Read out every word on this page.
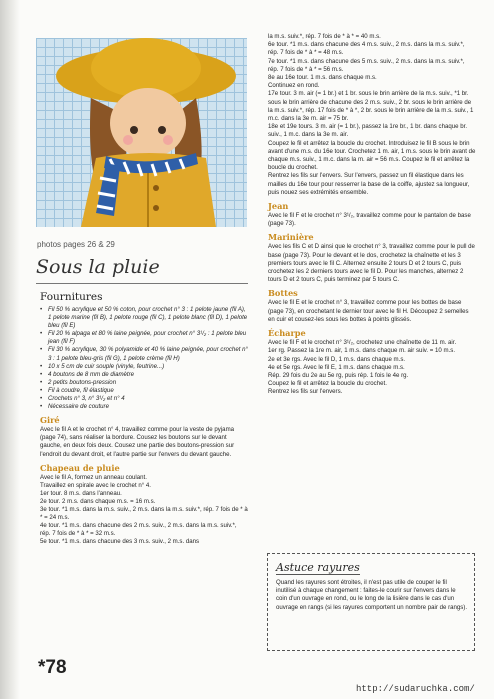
photos pages 26 & 29
Sous la pluie
Fournitures
• Fil 50 % acrylique et 50 % coton, pour crochet n° 3 : 1 pelote jaune (fil A), 1 pelote marine (fil B), 1 pelote rouge (fil C), 1 pelote blanc (fil D), 1 pelote bleu (fil E)
• Fil 20 % alpaga et 80 % laine peignée, pour crochet n° 3¹/₂ : 1 pelote bleu jean (fil F)
• Fil 30 % acrylique, 30 % polyamide et 40 % laine peignée, pour crochet n° 3 : 1 pelote bleu-gris (fil G), 1 pelote crème (fil H)
• 10 x 5 cm de cuir souple (vinyle, feutrine...)
• 4 boutons de 8 mm de diamètre
• 2 petits boutons-pression
• Fil à coudre, fil élastique
• Crochets n° 3, n° 3¹/₂ et n° 4
• Nécessaire de couture
Giré

Avec le fil A et le crochet n° 4, travaillez comme pour la veste de pyjama (page 74), sans réaliser la bordure. Cousez les boutons sur le devant gauche, en deux fois deux. Cousez une partie des boutons-pression sur l'endroit du devant droit, et l'autre partie sur l'envers du devant gauche.

Chapeau de pluie

Avec le fil A, formez un anneau coulant.

Travaillez en spirale avec le crochet n° 4.

1er tour. 8 m.s. dans l'anneau.

2e tour. 2 m.s. dans chaque m.s. = 16 m.s.

3e tour. *1 m.s. dans la m.s. suiv., 2 m.s. dans la m.s. suiv.*, rép. 7 fois de * à * = 24 m.s.

4e tour. *1 m.s. dans chacune des 2 m.s. suiv., 2 m.s. dans la m.s. suiv.*, rép. 7 fois de * à * = 32 m.s.

5e tour. *1 m.s. dans chacune des 3 m.s. suiv., 2 m.s. dans

la m.s. suiv.*, rép. 7 fois de * à * = 40 m.s.

6e tour. *1 m.s. dans chacune des 4 m.s. suiv., 2 m.s. dans la m.s. suiv.*, rép. 7 fois de * à * = 48 m.s.

7e tour. *1 m.s. dans chacune des 5 m.s. suiv., 2 m.s. dans la m.s. suiv.*, rép. 7 fois de * à * = 56 m.s.

8e au 16e tour. 1 m.s. dans chaque m.s.

Continuez en rond.

17e tour. 3 m. air (= 1 br.) et 1 br. sous le brin arrière de la m.s. suiv., *1 br. sous le brin arrière de chacune des 2 m.s. suiv., 2 br. sous le brin arrière de la m.s. suiv.*, rép. 17 fois de * à *, 2 br. sous le brin arrière de la m.s. suiv., 1 m.c. dans la 3e m. air = 75 br.

18e et 19e tours. 3 m. air (= 1 br.), passez la 1re br., 1 br. dans chaque br. suiv., 1 m.c. dans la 3e m. air.

Coupez le fil et arrêtez la boucle du crochet. Introduisez le fil B sous le brin avant d'une m.s. du 16e tour. Crochetez 1 m. air, 1 m.s. sous le brin avant de chaque m.s. suiv., 1 m.c. dans la m. air = 56 m.s. Coupez le fil et arrêtez la boucle du crochet.

Rentrez les fils sur l'envers. Sur l'envers, passez un fil élastique dans les mailles du 16e tour pour resserrer la base de la coiffe, ajustez sa longueur, puis nouez ses extrémités ensemble.

Jean

Avec le fil F et le crochet n° 3¹/₂, travaillez comme pour le pantalon de base (page 73).

Marinière

Avec les fils C et D ainsi que le crochet n° 3, travaillez comme pour le pull de base (page 73). Pour le devant et le dos, crochetez la chaînette et les 3 premiers tours avec le fil C. Alternez ensuite 2 tours D et 2 tours C, puis crochetez les 2 derniers tours avec le fil D. Pour les manches, alternez 2 tours D et 2 tours C, puis terminez par 5 tours C.

Bottes

Avec le fil E et le crochet n° 3, travaillez comme pour les bottes de base (page 73), en crochetant le dernier tour avec le fil H. Découpez 2 semelles en cuir et cousez-les sous les bottes à points glissés.

Écharpe

Avec le fil F et le crochet n° 3¹/₂, crochetez une chaînette de 11 m. air.

1er rg. Passez la 1re m. air, 1 m.s. dans chaque m. air suiv. = 10 m.s.

2e et 3e rgs. Avec le fil D, 1 m.s. dans chaque m.s.

4e et 5e rgs. Avec le fil E, 1 m.s. dans chaque m.s.

Rép. 29 fois du 2e au 5e rg, puis rép. 1 fois le 4e rg.

Coupez le fil et arrêtez la boucle du crochet.

Rentrez les fils sur l'envers.

Astuce rayures
Quand les rayures sont étroites, il n'est pas utile de couper le fil inutilisé à chaque changement : faites-le courir sur l'envers dans le coin d'un ouvrage en rond, ou le long de la lisière dans le cas d'un ouvrage en rangs (si les rayures comportent un nombre pair de rangs).
*78
http://sudaruchka.com/
